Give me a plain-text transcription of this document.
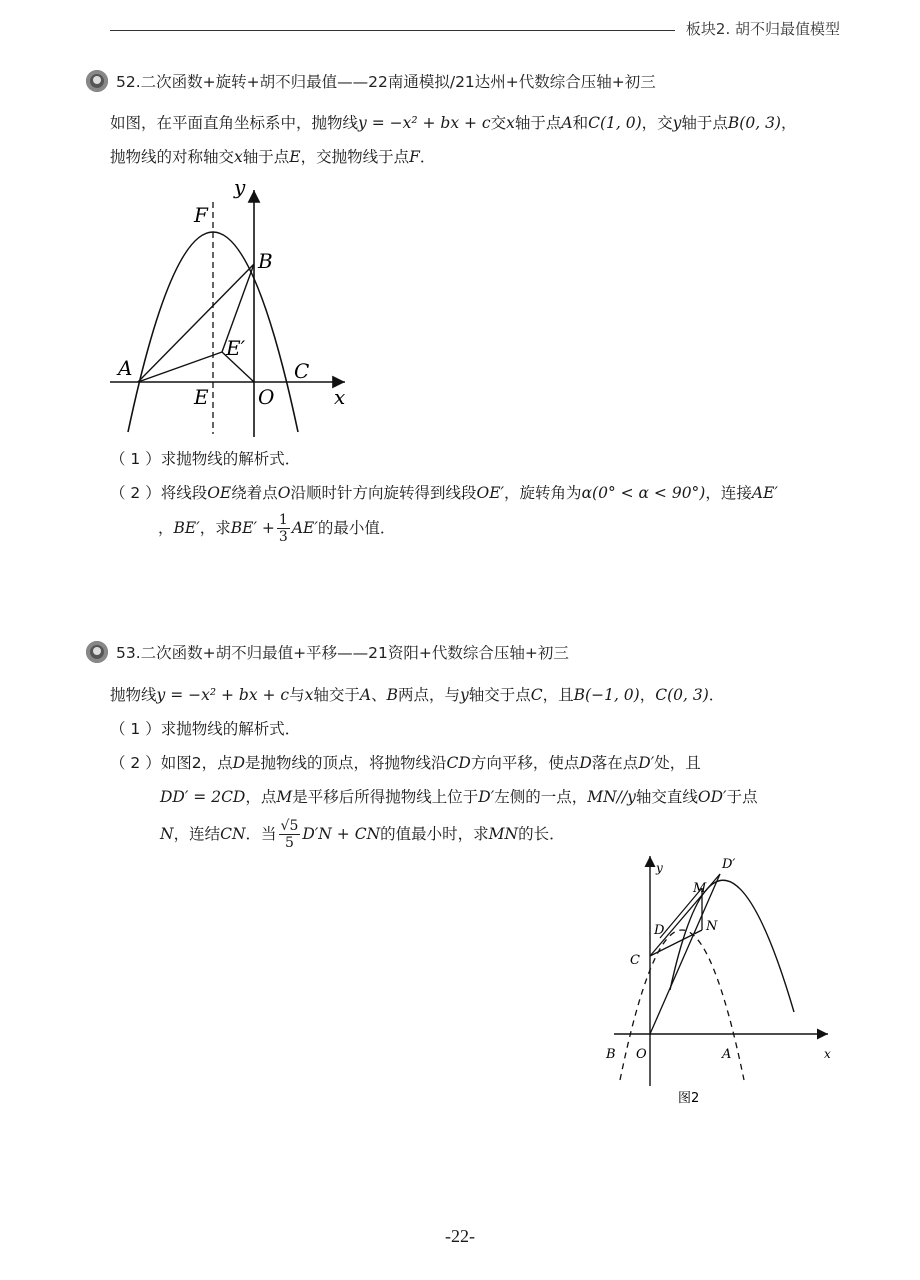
板块2. 胡不归最值模型
52.二次函数+旋转+胡不归最值——22南通模拟/21达州+代数综合压轴+初三
如图，在平面直角坐标系中，抛物线y = −x² + bx + c交x轴于点A和C(1, 0)，交y轴于点B(0, 3)，
抛物线的对称轴交x轴于点E，交抛物线于点F．
F
y
B
E′
A	C
E O	x
（ 1 ）求抛物线的解析式．
（ 2 ）将线段OE绕着点O沿顺时针方向旋转得到线段OE′，旋转角为α(0° < α < 90°)，连接AE′
，BE′，求$BE' + \frac{1}{3} AE'$的最小值．
53.二次函数+胡不归最值+平移——21资阳+代数综合压轴+初三
抛物线y = −x² + bx + c与x轴交于A、B两点，与y轴交于点C，且B(−1, 0)，C(0, 3)．
（ 1 ）求抛物线的解析式．
（ 2 ）如图2，点D是抛物线的顶点，将抛物线沿CD方向平移，使点D落在点D′处，且
DD′ = 2CD，点M是平移后所得抛物线上位于D′左侧的一点，MN//y轴交直线OD′于点
N，连结CN．当 $\frac{√5}{5} D'N$ + CN的值最小时，求MN的长．
y	D′
M
D	N
C
B O	A	x
图2
-22-
